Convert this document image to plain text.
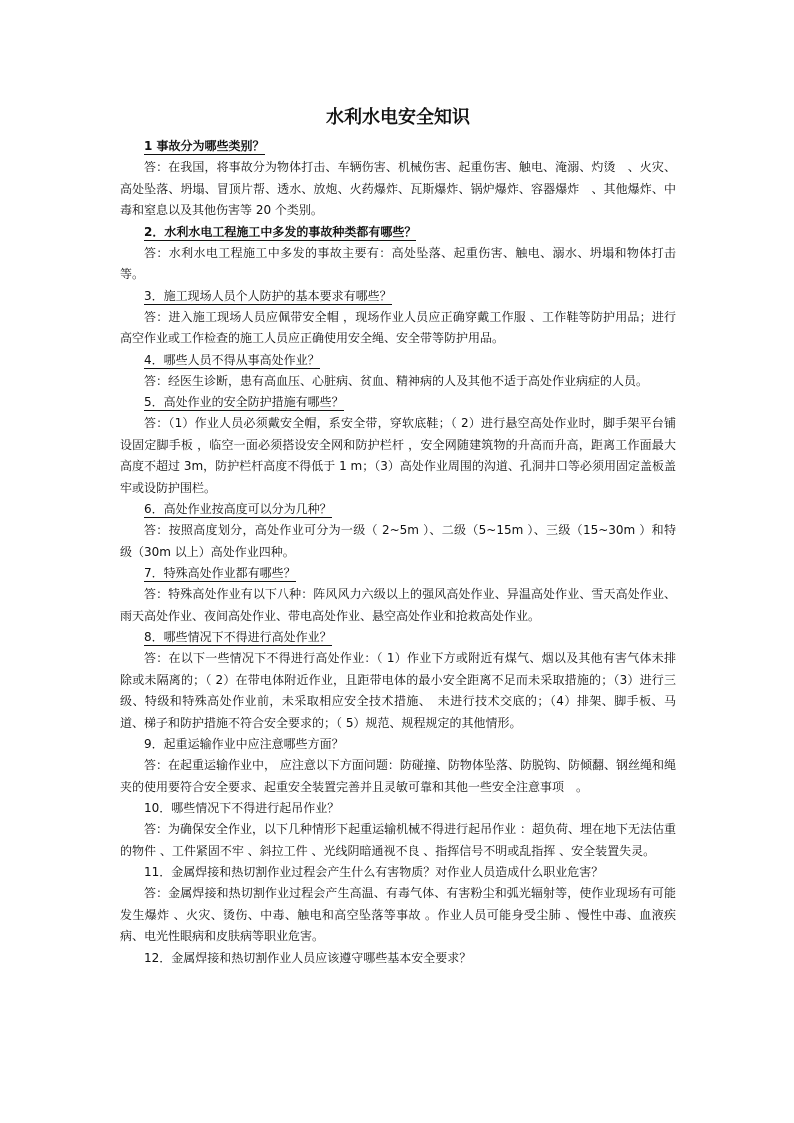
水利水电安全知识
1 事故分为哪些类别？
答：在我国，将事故分为物体打击、车辆伤害、机械伤害、起重伤害、触电、淹溺、灼烫　、火灾、高处坠落、坍塌、冒顶片帮、透水、放炮、火药爆炸、瓦斯爆炸、锅炉爆炸、容器爆炸　、其他爆炸、中毒和窒息以及其他伤害等 20 个类别。
2．水利水电工程施工中多发的事故种类都有哪些？
答：水利水电工程施工中多发的事故主要有：高处坠落、起重伤害、触电、溺水、坍塌和物体打击等。
3．施工现场人员个人防护的基本要求有哪些？
答：进入施工现场人员应佩带安全帽 ，现场作业人员应正确穿戴工作服 、工作鞋等防护用品；进行高空作业或工作检查的施工人员应正确使用安全绳、安全带等防护用品。
4．哪些人员不得从事高处作业？
答：经医生诊断，患有高血压、心脏病、贫血、精神病的人及其他不适于高处作业病症的人员。
5．高处作业的安全防护措施有哪些？
答：（1）作业人员必须戴安全帽，系安全带，穿软底鞋；（ 2）进行悬空高处作业时，脚手架平台铺设固定脚手板 ，临空一面必须搭设安全网和防护栏杆 ，安全网随建筑物的升高而升高，距离工作面最大高度不超过 3m，防护栏杆高度不得低于 1 m；（3）高处作业周围的沟道、孔洞井口等必须用固定盖板盖牢或设防护围栏。
6．高处作业按高度可以分为几种？
答：按照高度划分，高处作业可分为一级（ 2~5m ）、二级（5~15m ）、三级（15~30m ）和特级（30m 以上）高处作业四种。
7．特殊高处作业都有哪些？
答：特殊高处作业有以下八种：阵风风力六级以上的强风高处作业、异温高处作业、雪天高处作业、雨天高处作业、夜间高处作业、带电高处作业、悬空高处作业和抢救高处作业。
8．哪些情况下不得进行高处作业？
答：在以下一些情况下不得进行高处作业：（ 1）作业下方或附近有煤气、烟以及其他有害气体未排除或未隔离的；（ 2）在带电体附近作业，且距带电体的最小安全距离不足而未采取措施的；（3）进行三级、特级和特殊高处作业前，未采取相应安全技术措施、　未进行技术交底的；（4）排架、脚手板、马道、梯子和防护措施不符合安全要求的；（ 5）规范、规程规定的其他情形。
9．起重运输作业中应注意哪些方面？
答：在起重运输作业中， 应注意以下方面问题：防碰撞、防物体坠落、防脱钩、防倾翻、钢丝绳和绳夹的使用要符合安全要求、起重安全装置完善并且灵敏可靠和其他一些安全注意事项　。
10．哪些情况下不得进行起吊作业？
答：为确保安全作业，以下几种情形下起重运输机械不得进行起吊作业 ：超负荷、埋在地下无法估重的物件 、工件紧固不牢 、斜拉工件 、光线阴暗通视不良 、指挥信号不明或乱指挥 、安全装置失灵。
11．金属焊接和热切割作业过程会产生什么有害物质？对作业人员造成什么职业危害？
答：金属焊接和热切割作业过程会产生高温、有毒气体、有害粉尘和弧光辐射等，使作业现场有可能发生爆炸 、火灾、烫伤、中毒、触电和高空坠落等事故 。作业人员可能身受尘肺 、慢性中毒、血液疾病、电光性眼病和皮肤病等职业危害。
12．金属焊接和热切割作业人员应该遵守哪些基本安全要求？
